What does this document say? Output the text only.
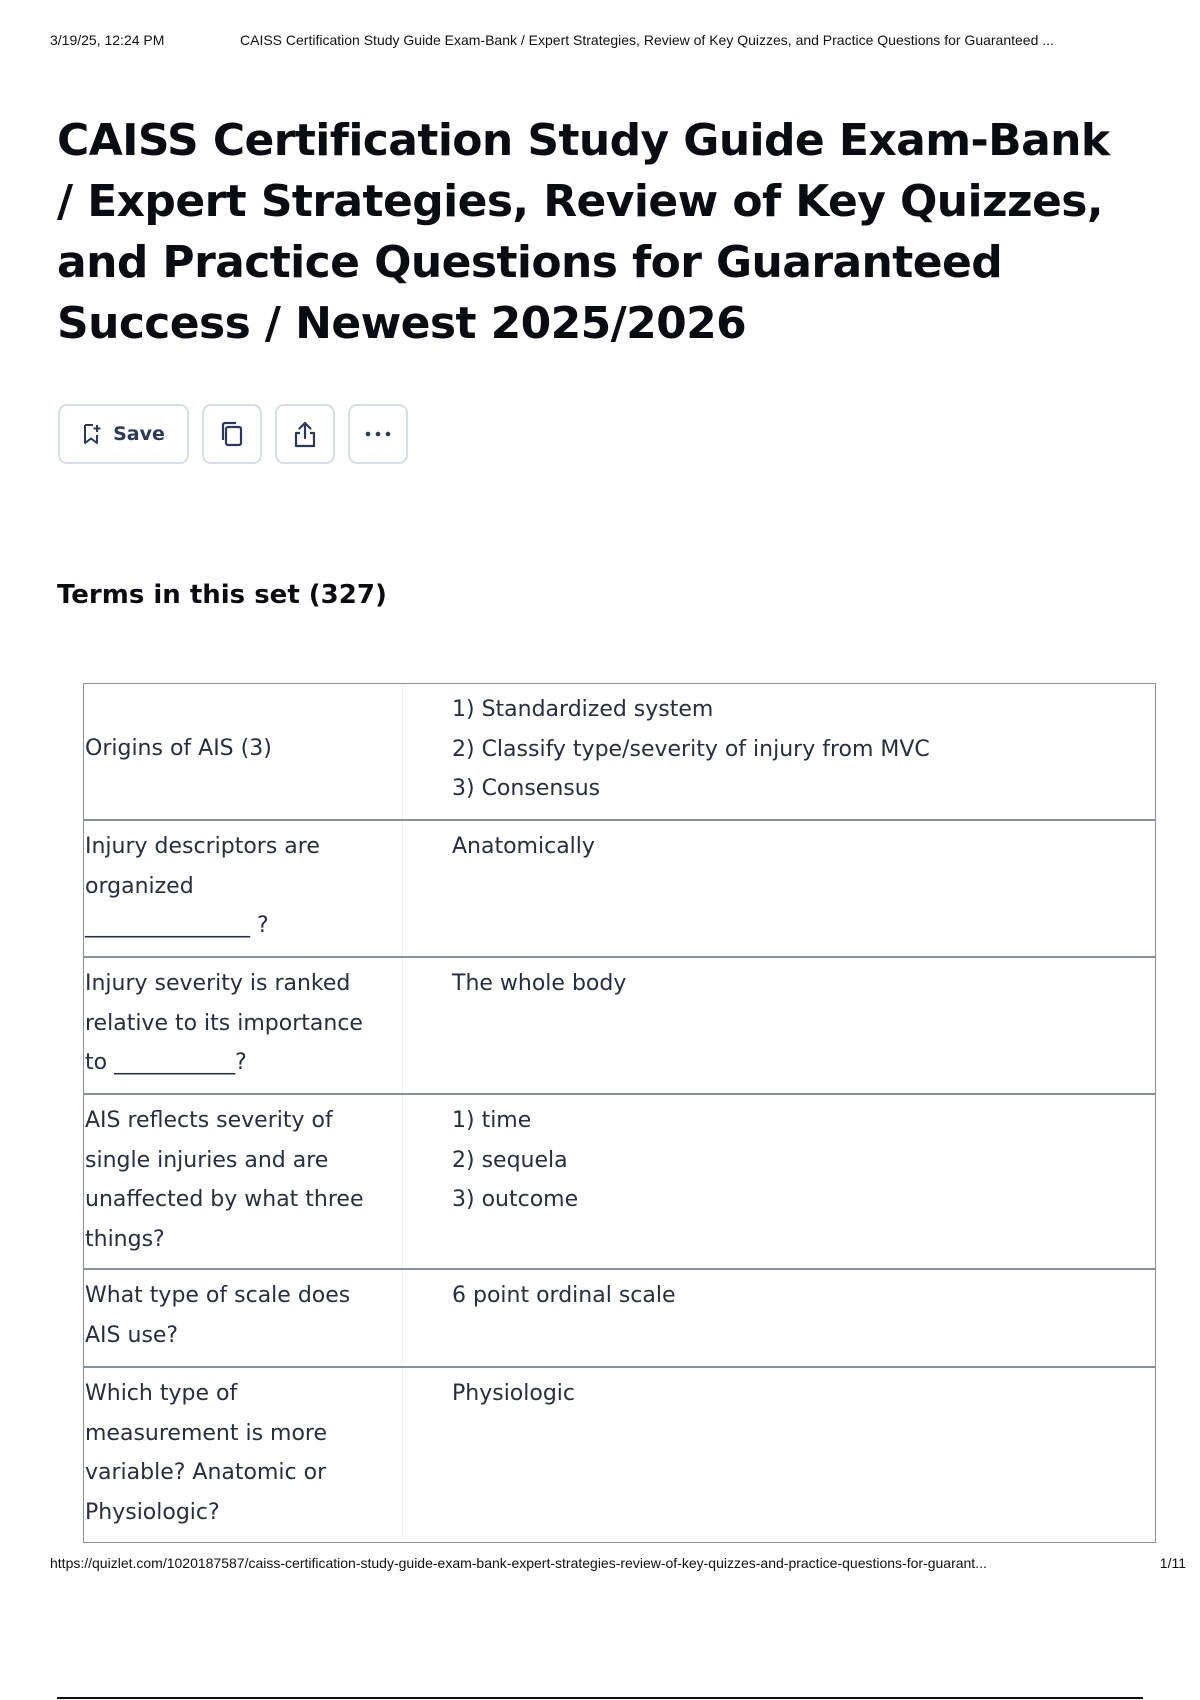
3/19/25, 12:24 PM	CAISS Certification Study Guide Exam-Bank / Expert Strategies, Review of Key Quizzes, and Practice Questions for Guaranteed ...
CAISS Certification Study Guide Exam-Bank / Expert Strategies, Review of Key Quizzes, and Practice Questions for Guaranteed Success / Newest 2025/2026
Save
Terms in this set (327)
Origins of AIS (3)
1) Standardized system
2) Classify type/severity of injury from MVC
3) Consensus
Injury descriptors are
organized
_______________ ?
Anatomically
Injury severity is ranked
relative to its importance
to ___________?
The whole body
AIS reflects severity of
single injuries and are
unaffected by what three
things?
1) time
2) sequela
3) outcome
What type of scale does
AIS use?
6 point ordinal scale
Which type of
measurement is more
variable? Anatomic or
Physiologic?
Physiologic
https://quizlet.com/1020187587/caiss-certification-study-guide-exam-bank-expert-strategies-review-of-key-quizzes-and-practice-questions-for-guarant...	1/11
